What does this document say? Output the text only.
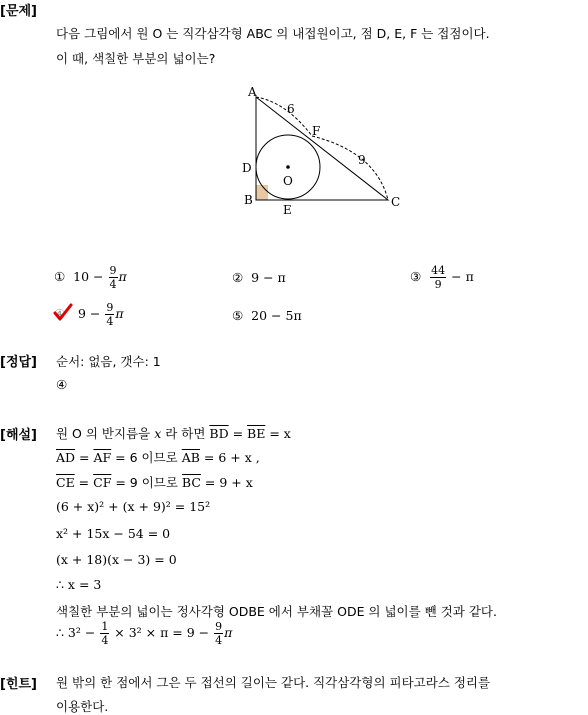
[문제]
다음 그림에서 원 O 는 직각삼각형 ABC 의 내접원이고, 점 D, E, F 는 접점이다.
이 때, 색칠한 부분의 넓이는?
A
B	C
D
E
F
O
6
9
① $10 - \frac{9}{4}$ π	② 9 − π	③ $\frac{44}{9} - \pi$
④ $9 - \frac{9}{4}$ π	⑤ 20 − 5π
[정답] 순서: 없음, 갯수: 1
④
[해설] 원 O 의 반지름을 x 라 하면 $\overline{BD} = \overline{BE} = x$
$\overline{AD} = \overline{AF} = 6$ 이므로 $\overline{AB} = 6 + x$ ,
$\overline{CE} = \overline{CF} = 9$ 이므로 $\overline{BC} = 9 + x$
(6 + x)² + (x + 9)² = 15²
x² + 15x − 54 = 0
(x + 18)(x − 3) = 0
∴ x = 3
색칠한 부분의 넓이는 정사각형 ODBE 에서 부채꼴 ODE 의 넓이를 뺀 것과 같다.
∴ $3^2 - \frac{1}{4} \times 3^2 \times \pi = 9 - \frac{9}{4}$ π
[힌트] 원 밖의 한 점에서 그은 두 접선의 길이는 같다. 직각삼각형의 피타고라스 정리를
이용한다.
